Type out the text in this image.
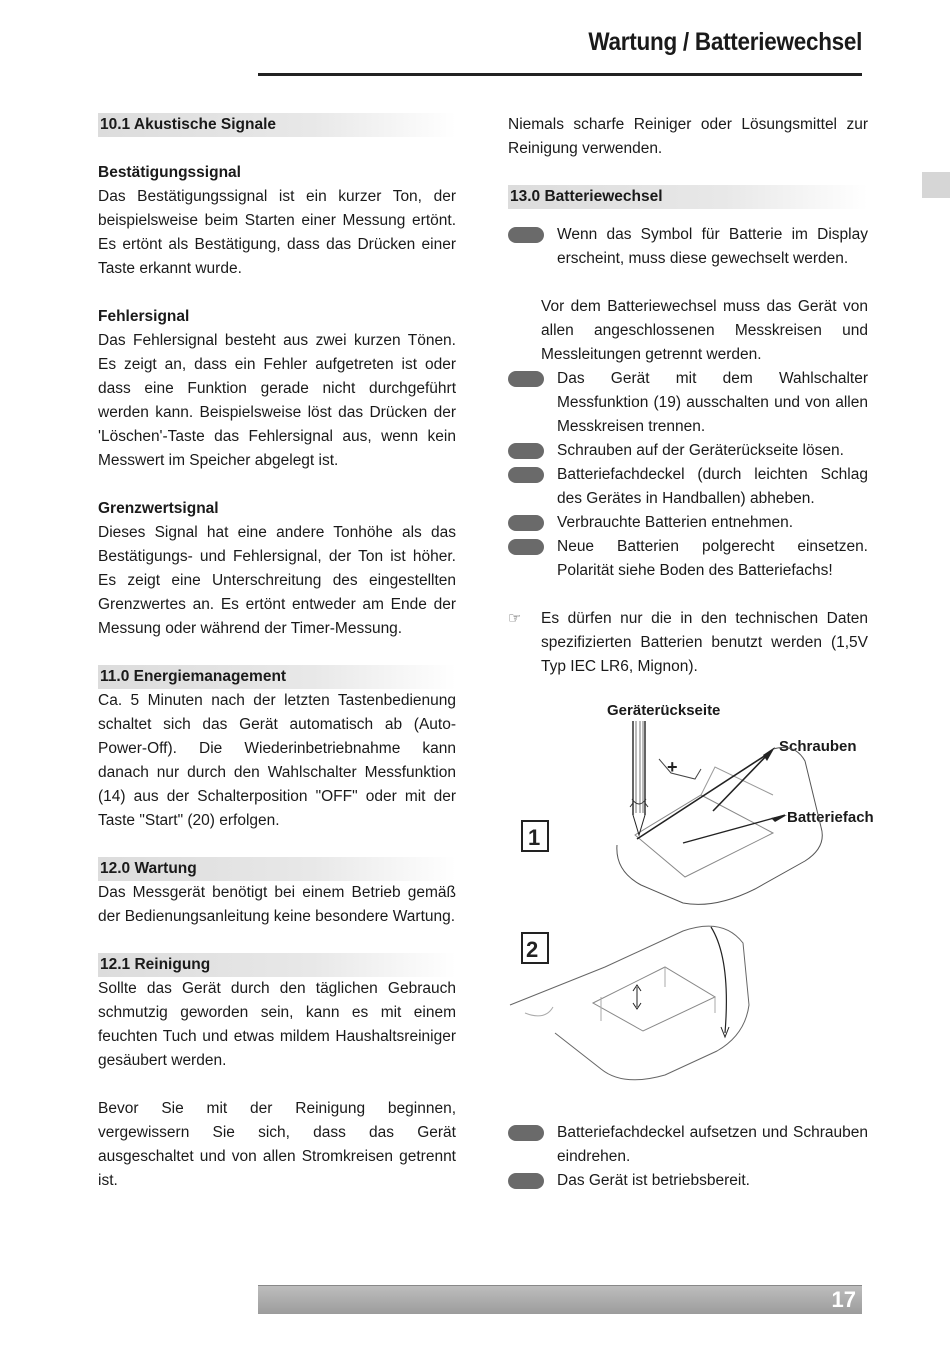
Wartung / Batteriewechsel
10.1 Akustische Signale
Bestätigungssignal

Das Bestätigungssignal ist ein kurzer Ton, der beispielsweise beim Starten einer Messung ertönt. Es ertönt als Bestätigung, dass das Drücken einer Taste erkannt wurde.

Fehlersignal

Das Fehlersignal besteht aus zwei kurzen Tönen. Es zeigt an, dass ein Fehler aufgetreten ist oder dass eine Funktion gerade nicht durchgeführt werden kann. Beispielsweise löst das Drücken der 'Löschen'-Taste das Fehlersignal aus, wenn kein Messwert im Speicher abgelegt ist.

Grenzwertsignal

Dieses Signal hat eine andere Tonhöhe als das Bestätigungs- und Fehlersignal, der Ton ist höher. Es zeigt eine Unterschreitung des eingestellten Grenzwertes an. Es ertönt entweder am Ende der Messung oder während der Timer-Messung.

11.0 Energiemanagement

Ca. 5 Minuten nach der letzten Tastenbedienung schaltet sich das Gerät automatisch ab (Auto-Power-Off). Die Wiederinbetriebnahme kann danach nur durch den Wahlschalter Messfunktion (14) aus der Schalterposition "OFF" oder mit der Taste "Start" (20) erfolgen.

12.0 Wartung

Das Messgerät benötigt bei einem Betrieb gemäß der Bedienungsanleitung keine besondere Wartung.

12.1 Reinigung

Sollte das Gerät durch den täglichen Gebrauch schmutzig geworden sein, kann es mit einem feuchten Tuch und etwas mildem Haushaltsreiniger gesäubert werden.

Bevor Sie mit der Reinigung beginnen, vergewissern Sie sich, dass das Gerät ausgeschaltet und von allen Stromkreisen getrennt ist.

Niemals scharfe Reiniger oder Lösungsmittel zur Reinigung verwenden.

13.0 Batteriewechsel
Wenn das Symbol für Batterie im Display erscheint, muss diese gewechselt werden.

Vor dem Batteriewechsel muss das Gerät von allen angeschlossenen Messkreisen und Messleitungen getrennt werden.

Das Gerät mit dem Wahlschalter Messfunktion (19) ausschalten und von allen Messkreisen trennen.
Schrauben auf der Geräterückseite lösen.
Batteriefachdeckel (durch leichten Schlag des Gerätes in Handballen) abheben.
Verbrauchte Batterien entnehmen.
Neue Batterien polgerecht einsetzen. Polarität siehe Boden des Batteriefachs!
☞	Es dürfen nur die in den technischen Daten spezifizierten Batterien benutzt werden (1,5V Typ IEC LR6, Mignon).
Geräterückseite
Schrauben
Batteriefach
1
2
+
Batteriefachdeckel aufsetzen und Schrauben eindrehen.
Das Gerät ist betriebsbereit.
17
